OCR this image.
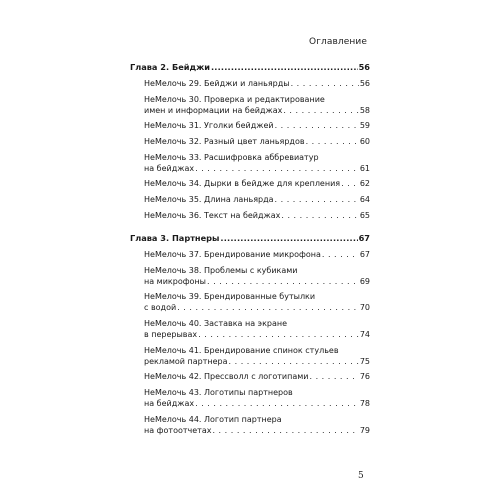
Оглавление
Глава 2. Бейджи .....	56
НеМелочь 29. Бейджи и ланьярды . . .	56
НеМелочь 30. Проверка и редактирование
имен и информации на бейджах . . .	58
НеМелочь 31. Уголки бейджей . . .	59
НеМелочь 32. Разный цвет ланьярдов . . .	60
НеМелочь 33. Расшифровка аббревиатур
на бейджах . . .	61
НеМелочь 34. Дырки в бейдже для крепления . . . 62
НеМелочь 35. Длина ланьярда . . .	64
НеМелочь 36. Текст на бейджах . . .	65
Глава 3. Партнеры .....	67
НеМелочь 37. Брендирование микрофона . . .	67
НеМелочь 38. Проблемы с кубиками
на микрофоны . . .	69
НеМелочь 39. Брендированные бутылки
с водой . . .	70
НеМелочь 40. Заставка на экране
в перерывах . . .	74
НеМелочь 41. Брендирование спинок стульев
рекламой партнера . . .	75
НеМелочь 42. Прессволл с логотипами . . .	76
НеМелочь 43. Логотипы партнеров
на бейджах . . .	78
НеМелочь 44. Логотип партнера
на фотоотчетах . . .	79
5
